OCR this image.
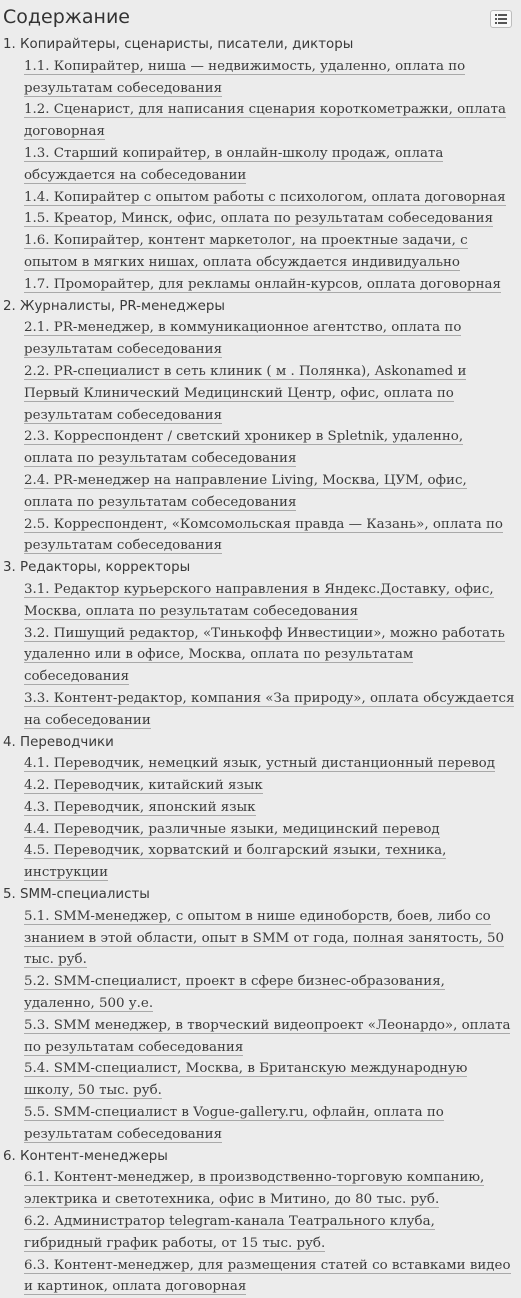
Содержание
1. Копирайтеры, сценаристы, писатели, дикторы
1.1. Копирайтер, ниша — недвижимость, удаленно, оплата по результатам собеседования
1.2. Сценарист, для написания сценария короткометражки, оплата договорная
1.3. Старший копирайтер, в онлайн-школу продаж, оплата обсуждается на собеседовании
1.4. Копирайтер с опытом работы с психологом, оплата договорная
1.5. Креатор, Минск, офис, оплата по результатам собеседования
1.6. Копирайтер, контент маркетолог, на проектные задачи, с опытом в мягких нишах, оплата обсуждается индивидуально
1.7. Проморайтер, для рекламы онлайн-курсов, оплата договорная
2. Журналисты, PR-менеджеры
2.1. PR-менеджер, в коммуникационное агентство, оплата по результатам собеседования
2.2. PR-специалист в сеть клиник ( м . Полянка), Askonamed и Первый Клинический Медицинский Центр, офис, оплата по результатам собеседования
2.3. Корреспондент / светский хроникер в Spletnik, удаленно, оплата по результатам собеседования
2.4. PR-менеджер на направление Living, Москва, ЦУМ, офис, оплата по результатам собеседования
2.5. Корреспондент, «Комсомольская правда — Казань», оплата по результатам собеседования
3. Редакторы, корректоры
3.1. Редактор курьерского направления в Яндекс.Доставку, офис, Москва, оплата по результатам собеседования
3.2. Пишущий редактор, «Тинькофф Инвестиции», можно работать удаленно или в офисе, Москва, оплата по результатам собеседования
3.3. Контент-редактор, компания «За природу», оплата обсуждается на собеседовании
4. Переводчики
4.1. Переводчик, немецкий язык, устный дистанционный перевод
4.2. Переводчик, китайский язык
4.3. Переводчик, японский язык
4.4. Переводчик, различные языки, медицинский перевод
4.5. Переводчик, хорватский и болгарский языки, техника, инструкции
5. SMM-специалисты
5.1. SMM-менеджер, с опытом в нише единоборств, боев, либо со знанием в этой области, опыт в SMM от года, полная занятость, 50 тыс. руб.
5.2. SMM-специалист, проект в сфере бизнес-образования, удаленно, 500 у.е.
5.3. SMM менеджер, в творческий видеопроект «Леонардо», оплата по результатам собеседования
5.4. SMM-специалист, Москва, в Британскую международную школу, 50 тыс. руб.
5.5. SMM-специалист в Vogue-gallery.ru, офлайн, оплата по результатам собеседования
6. Контент-менеджеры
6.1. Контент-менеджер, в производственно-торговую компанию, электрика и светотехника, офис в Митино, до 80 тыс. руб.
6.2. Администратор telegram-канала Театрального клуба, гибридный график работы, от 15 тыс. руб.
6.3. Контент-менеджер, для размещения статей со вставками видео и картинок, оплата договорная
